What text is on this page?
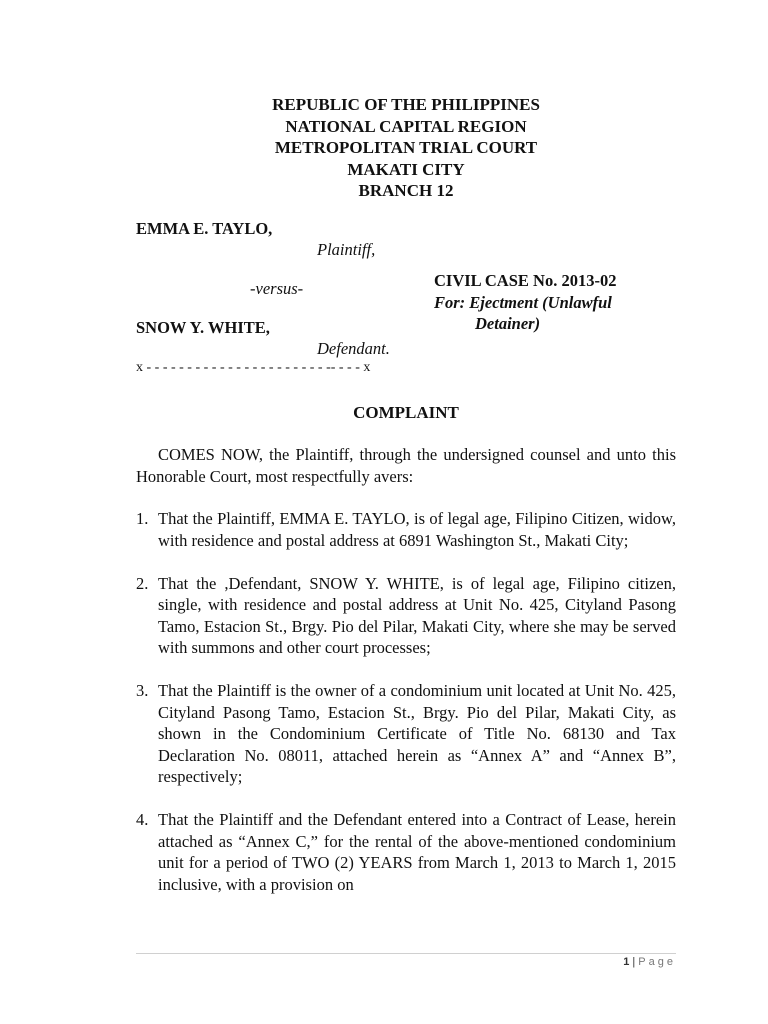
REPUBLIC OF THE PHILIPPINES
NATIONAL CAPITAL REGION
METROPOLITAN TRIAL COURT
MAKATI CITY
BRANCH 12
EMMA E. TAYLO,
Plaintiff,
-versus-
SNOW Y. WHITE,
Defendant.
x - - - - - - - - - - - - - - - - - - - - - - -- - - - x
CIVIL CASE No. 2013-02
For: Ejectment (Unlawful
Detainer)
COMPLAINT
COMES NOW, the Plaintiff, through the undersigned counsel and unto this Honorable Court, most respectfully avers:
1. That the Plaintiff, EMMA E. TAYLO, is of legal age, Filipino Citizen, widow, with residence and postal address at 6891 Washington St., Makati City;
2. That the ,Defendant, SNOW Y. WHITE, is of legal age, Filipino citizen, single, with residence and postal address at Unit No. 425, Cityland Pasong Tamo, Estacion St., Brgy. Pio del Pilar, Makati City, where she may be served with summons and other court processes;
3. That the Plaintiff is the owner of a condominium unit located at Unit No. 425, Cityland Pasong Tamo, Estacion St., Brgy. Pio del Pilar, Makati City, as shown in the Condominium Certificate of Title No. 68130 and Tax Declaration No. 08011, attached herein as “Annex A” and “Annex B”, respectively;
4. That the Plaintiff and the Defendant entered into a Contract of Lease, herein attached as “Annex C,” for the rental of the above-mentioned condominium unit for a period of TWO (2) YEARS from March 1, 2013 to March 1, 2015 inclusive, with a provision on
1 | Page
